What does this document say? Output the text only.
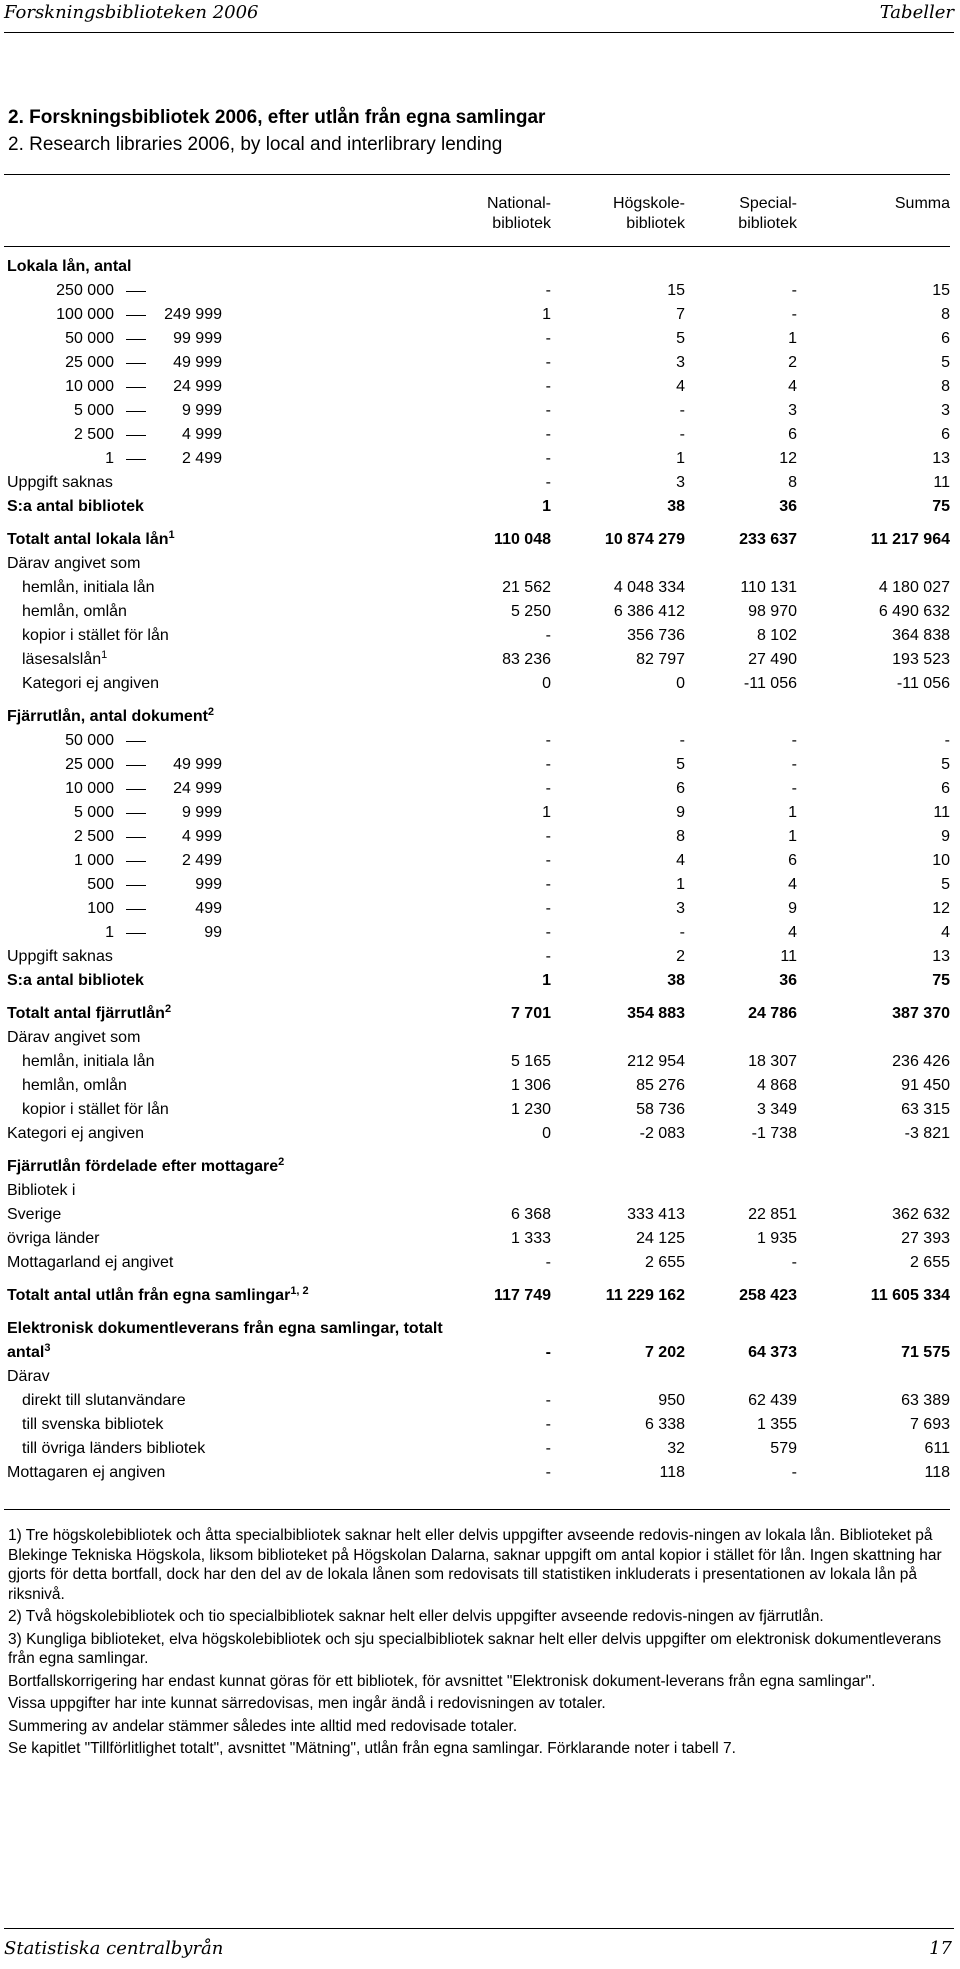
Forskningsbiblioteken 2006	Tabeller
2. Forskningsbibliotek 2006, efter utlån från egna samlingar
2. Research libraries 2006, by local and interlibrary lending
National-
bibliotek
Högskole-
bibliotek
Special-
bibliotek
Summa
Lokala lån, antal
250 000	-	15	-	15
100 000	249 999	1	7	-	8
50 000	99 999	-	5	1	6
25 000	49 999	-	3	2	5
10 000	24 999	-	4	4	8
5 000	9 999	-	-	3	3
2 500	4 999	-	-	6	6
1	2 499	-	1	12	13
Uppgift saknas	-	3	8	11
S:a antal bibliotek	1	38	36	75
Totalt antal lokala lån$^1$	110 048	10 874 279	233 637	11 217 964
Därav angivet som
hemlån, initiala lån	21 562	4 048 334	110 131	4 180 027
hemlån, omlån	5 250	6 386 412	98 970	6 490 632
kopior i stället för lån	-	356 736	8 102	364 838
läsesalslån$^1$	83 236	82 797	27 490	193 523
Kategori ej angiven	0	0	-11 056	-11 056
Fjärrutlån, antal dokument$^2$
50 000	-	-	-	-
25 000	49 999	-	5	-	5
10 000	24 999	-	6	-	6
5 000	9 999	1	9	1	11
2 500	4 999	-	8	1	9
1 000	2 499	-	4	6	10
500	999	-	1	4	5
100	499	-	3	9	12
1	99	-	-	4	4
Uppgift saknas	-	2	11	13
S:a antal bibliotek	1	38	36	75
Totalt antal fjärrutlån$^2$	7 701	354 883	24 786	387 370
Därav angivet som
hemlån, initiala lån	5 165	212 954	18 307	236 426
hemlån, omlån	1 306	85 276	4 868	91 450
kopior i stället för lån	1 230	58 736	3 349	63 315
Kategori ej angiven	0	-2 083	-1 738	-3 821
Fjärrutlån fördelade efter mottagare$^2$
Bibliotek i
Sverige	6 368	333 413	22 851	362 632
övriga länder	1 333	24 125	1 935	27 393
Mottagarland ej angivet	-	2 655	-	2 655
Totalt antal utlån från egna samlingar$^{1, 2}$	117 749	11 229 162	258 423	11 605 334
Elektronisk dokumentleverans från egna samlingar, totalt antal$^3$	-	7 202	64 373	71 575
Därav
direkt till slutanvändare	-	950	62 439	63 389
till svenska bibliotek	-	6 338	1 355	7 693
till övriga länders bibliotek	-	32	579	611
Mottagaren ej angiven	-	118	-	118

1) Tre högskolebibliotek och åtta specialbibliotek saknar helt eller delvis uppgifter avseende redovis-ningen av lokala lån. Biblioteket på Blekinge Tekniska Högskola, liksom biblioteket på Högskolan Dalarna, saknar uppgift om antal kopior i stället för lån. Ingen skattning har gjorts för detta bortfall, dock har den del av de lokala lånen som redovisats till statistiken inkluderats i presentationen av lokala lån på riksnivå.

2) Två högskolebibliotek och tio specialbibliotek saknar helt eller delvis uppgifter avseende redovis-ningen av fjärrutlån.

3) Kungliga biblioteket, elva högskolebibliotek och sju specialbibliotek saknar helt eller delvis uppgifter om elektronisk dokumentleverans från egna samlingar.

Bortfallskorrigering har endast kunnat göras för ett bibliotek, för avsnittet "Elektronisk dokument-leverans från egna samlingar".

Vissa uppgifter har inte kunnat särredovisas, men ingår ändå i redovisningen av totaler.

Summering av andelar stämmer således inte alltid med redovisade totaler.

Se kapitlet "Tillförlitlighet totalt", avsnittet "Mätning", utlån från egna samlingar. Förklarande noter i tabell 7.

Statistiska centralbyrån	17
